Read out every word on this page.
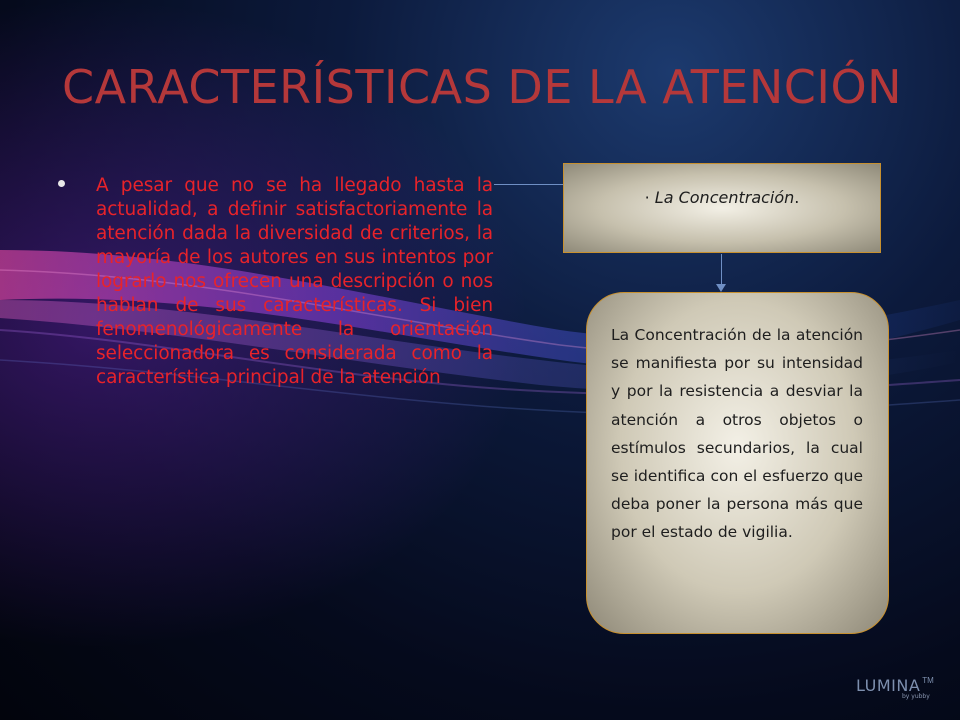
CARACTERÍSTICAS DE LA ATENCIÓN
A pesar que no se ha llegado hasta la actualidad, a definir satisfactoriamente la atención dada la diversidad de criterios, la mayoría de los autores en sus intentos por lograrlo nos ofrecen una descripción o nos hablan de sus características. Si bien fenomenológicamente la orientación seleccionadora es considerada como la característica principal de la atención
· La Concentración.
La Concentración de la atención se manifiesta por su intensidad y por la resistencia a desviar la atención a otros objetos o estímulos secundarios, la cual se identifica con el esfuerzo que deba poner la persona más que por el estado de vigilia.
LUMINA ™
by yubby
